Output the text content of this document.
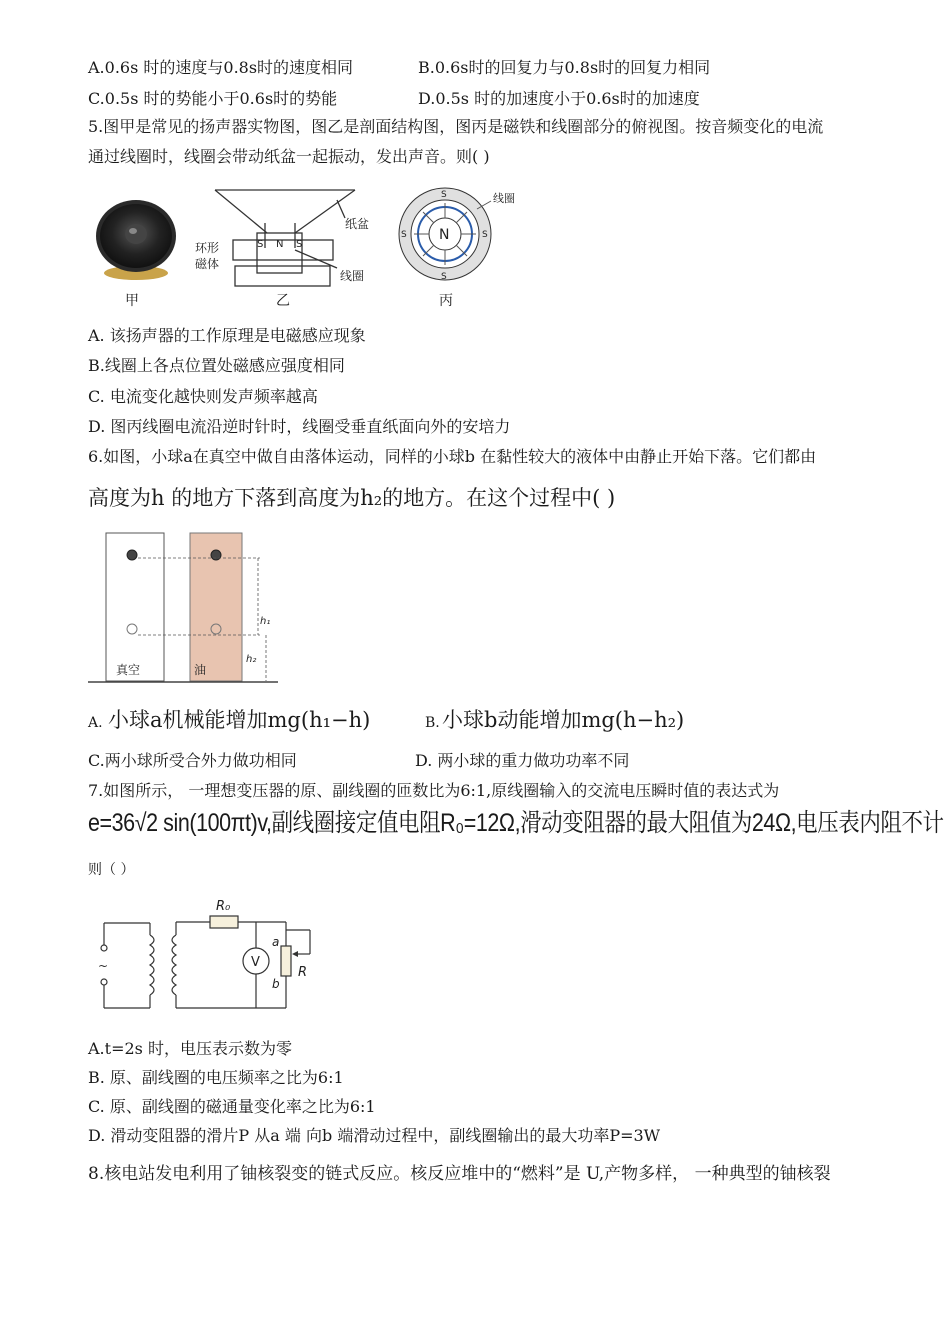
A.0.6s 时的速度与0.8s时的速度相同	B.0.6s时的回复力与0.8s时的回复力相同
C.0.5s 时的势能小于0.6s时的势能	D.0.5s 时的加速度小于0.6s时的加速度
5.图甲是常见的扬声器实物图，图乙是剖面结构图，图丙是磁铁和线圈部分的俯视图。按音频变化的电流
通过线圈时，线圈会带动纸盆一起振动，发出声音。则( )
甲
S N S
纸盆
环形
磁体
线圈
乙
S
S
S	S
N
线圈
丙
A. 该扬声器的工作原理是电磁感应现象
B.线圈上各点位置处磁感应强度相同
C. 电流变化越快则发声频率越高
D. 图丙线圈电流沿逆时针时，线圈受垂直纸面向外的安培力
6.如图，小球a在真空中做自由落体运动，同样的小球b 在黏性较大的液体中由静止开始下落。它们都由
高度为h 的地方下落到高度为h₂的地方。在这个过程中( )
h₁
h₂
真空	油
A. 小球a机械能增加mg(h₁−h)	B. 小球b动能增加mg(h−h₂)
C.两小球所受合外力做功相同	D. 两小球的重力做功功率不同
7.如图所示， 一理想变压器的原、副线圈的匝数比为6:1,原线圈输入的交流电压瞬时值的表达式为
e=36√2 sin(100πt)v,副线圈接定值电阻R₀=12Ω,滑动变阻器的最大阻值为24Ω,电压表内阻不计
则（ ）
~
R₀
V
a
b
R
A.t=2s 时，电压表示数为零
B. 原、副线圈的电压频率之比为6:1
C. 原、副线圈的磁通量变化率之比为6:1
D. 滑动变阻器的滑片P 从a 端 向b 端滑动过程中，副线圈输出的最大功率P=3W
8.核电站发电利用了铀核裂变的链式反应。核反应堆中的“燃料”是 U,产物多样， 一种典型的铀核裂
